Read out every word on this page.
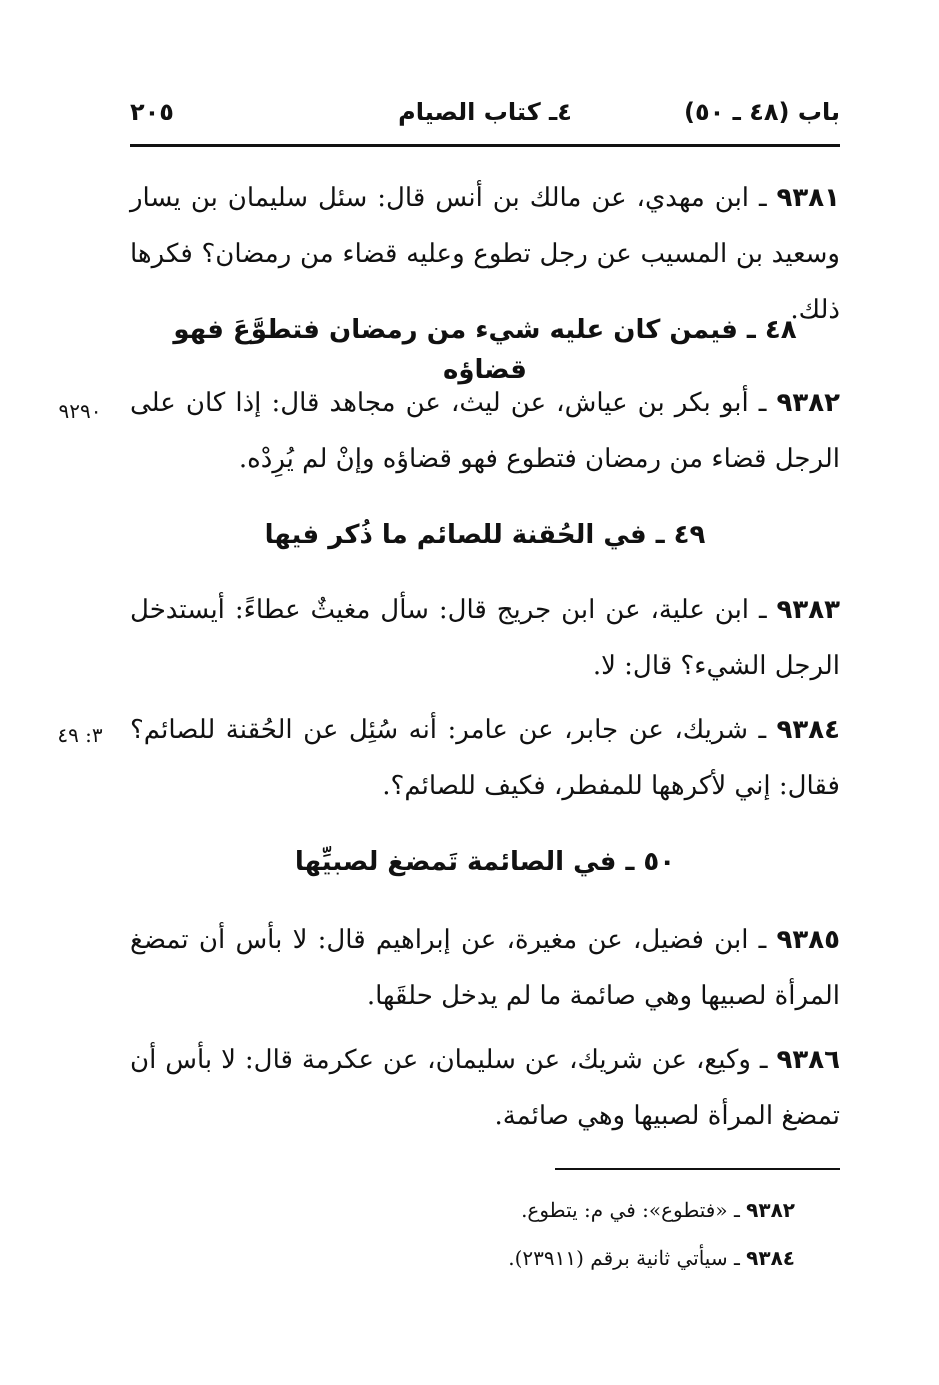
باب (٤٨ ـ ٥٠)
٤ـ كتاب الصيام
٢٠٥

٩٣٨١ ـ ابن مهدي، عن مالك بن أنس قال: سئل سليمان بن يسار وسعيد بن المسيب عن رجل تطوع وعليه قضاء من رمضان؟ فكرها ذلك.

٤٨ ـ فيمن كان عليه شيء من رمضان فتطوَّعَ فهو قضاؤه
٩٢٩٠	٩٣٨٢ ـ أبو بكر بن عياش، عن ليث، عن مجاهد قال: إذا كان على الرجل قضاء من رمضان فتطوع فهو قضاؤه وإنْ لم يُرِدْه.

٤٩ ـ في الحُقنة للصائم ما ذُكر فيها

٩٣٨٣ ـ ابن علية، عن ابن جريج قال: سأل مغيثٌ عطاءً: أيستدخل الرجل الشيء؟ قال: لا.

٣: ٤٩	٩٣٨٤ ـ شريك، عن جابر، عن عامر: أنه سُئِل عن الحُقنة للصائم؟ فقال: إني لأكرهها للمفطر، فكيف للصائم؟.

٥٠ ـ في الصائمة تَمضغ لصبيِّها

٩٣٨٥ ـ ابن فضيل، عن مغيرة، عن إبراهيم قال: لا بأس أن تمضغ المرأة لصبيها وهي صائمة ما لم يدخل حلقَها.

٩٣٨٦ ـ وكيع، عن شريك، عن سليمان، عن عكرمة قال: لا بأس أن تمضغ المرأة لصبيها وهي صائمة.

٩٣٨٢ ـ «فتطوع»: في م: يتطوع.

٩٣٨٤ ـ سيأتي ثانية برقم (٢٣٩١١).
